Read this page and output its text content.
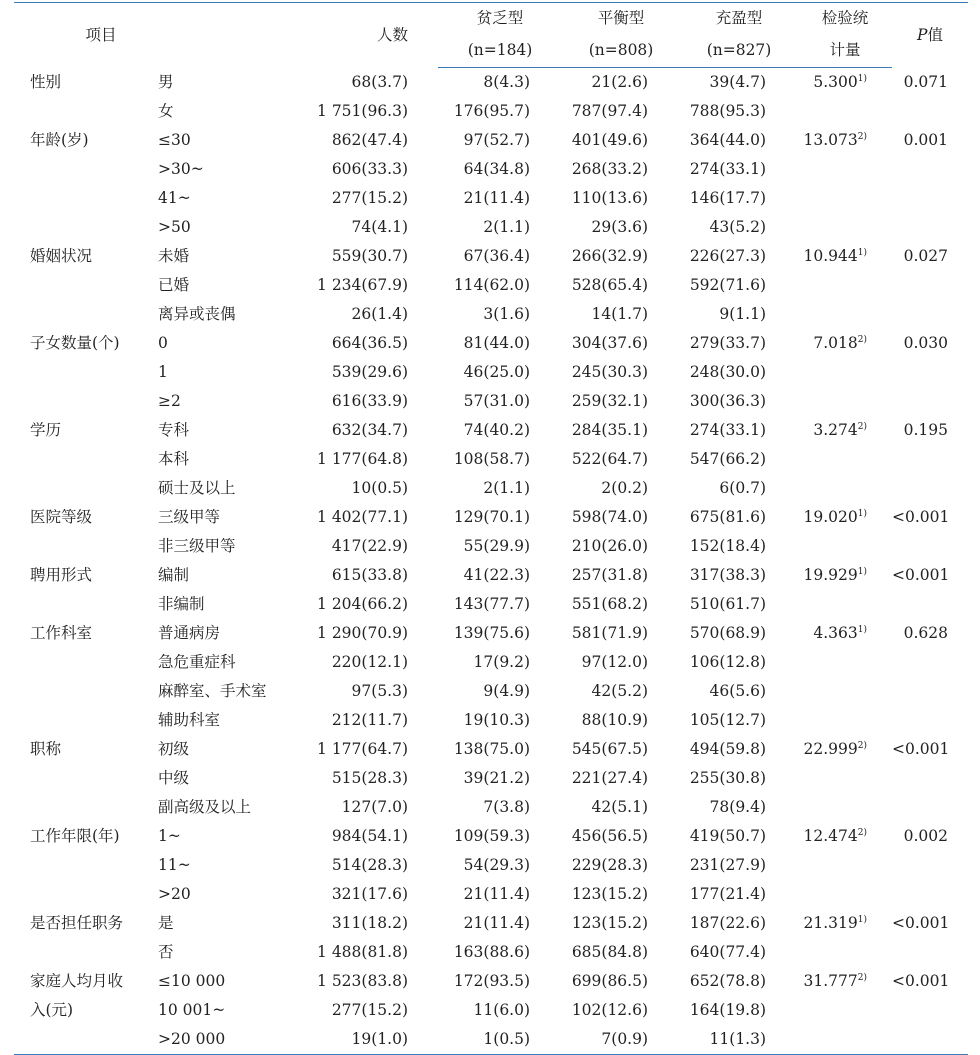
项目		人数	贫乏型	平衡型	充盈型	检验统	P值
			(n=184)	(n=808)	(n=827)	计量	
性别	男	68(3.7)	8(4.3)	21(2.6)	39(4.7)	5.300$^{1)}$	0.071
	女	1 751(96.3)	176(95.7)	787(97.4)	788(95.3)		
年龄(岁)	≤30	862(47.4)	97(52.7)	401(49.6)	364(44.0)	13.073$^{2)}$	0.001
	>30~	606(33.3)	64(34.8)	268(33.2)	274(33.1)		
	41~	277(15.2)	21(11.4)	110(13.6)	146(17.7)		
	>50	74(4.1)	2(1.1)	29(3.6)	43(5.2)		
婚姻状况	未婚	559(30.7)	67(36.4)	266(32.9)	226(27.3)	10.944$^{1)}$	0.027
	已婚	1 234(67.9)	114(62.0)	528(65.4)	592(71.6)		
	离异或丧偶	26(1.4)	3(1.6)	14(1.7)	9(1.1)		
子女数量(个)	0	664(36.5)	81(44.0)	304(37.6)	279(33.7)	7.018$^{2)}$	0.030
	1	539(29.6)	46(25.0)	245(30.3)	248(30.0)		
	≥2	616(33.9)	57(31.0)	259(32.1)	300(36.3)		
学历	专科	632(34.7)	74(40.2)	284(35.1)	274(33.1)	3.274$^{2)}$	0.195
	本科	1 177(64.8)	108(58.7)	522(64.7)	547(66.2)		
	硕士及以上	10(0.5)	2(1.1)	2(0.2)	6(0.7)		
医院等级	三级甲等	1 402(77.1)	129(70.1)	598(74.0)	675(81.6)	$19.020^{1)}$	<0.001
	非三级甲等	417(22.9)	55(29.9)	210(26.0)	152(18.4)		
聘用形式	编制	615(33.8)	41(22.3)	257(31.8)	317(38.3)	$19.929^{1)}$	<0.001
	非编制	1 204(66.2)	143(77.7)	551(68.2)	510(61.7)		
工作科室	普通病房	1 290(70.9)	139(75.6)	581(71.9)	570(68.9)	4.363$^{1)}$	0.628
	急危重症科	220(12.1)	17(9.2)	97(12.0)	106(12.8)		
	麻醉室、手术室	97(5.3)	9(4.9)	42(5.2)	46(5.6)		
	辅助科室	212(11.7)	19(10.3)	88(10.9)	105(12.7)		
职称	初级	1 177(64.7)	138(75.0)	545(67.5)	494(59.8)	$22.999^{2)}$	<0.001
	中级	515(28.3)	39(21.2)	221(27.4)	255(30.8)		
	副高级及以上	127(7.0)	7(3.8)	42(5.1)	78(9.4)		
工作年限(年)	1~	984(54.1)	109(59.3)	456(56.5)	419(50.7)	12.474$^{2)}$	0.002
	11~	514(28.3)	54(29.3)	229(28.3)	231(27.9)		
	>20	321(17.6)	21(11.4)	123(15.2)	177(21.4)		
是否担任职务	是	311(18.2)	21(11.4)	123(15.2)	187(22.6)	$21.319^{1)}$	<0.001
	否	1 488(81.8)	163(88.6)	685(84.8)	640(77.4)		
家庭人均月收	≤10 000	1 523(83.8)	172(93.5)	699(86.5)	652(78.8)	$31.777^{2)}$	<0.001
入(元)	10 001~	277(15.2)	11(6.0)	102(12.6)	164(19.8)		
	>20 000	19(1.0)	1(0.5)	7(0.9)	11(1.3)		
